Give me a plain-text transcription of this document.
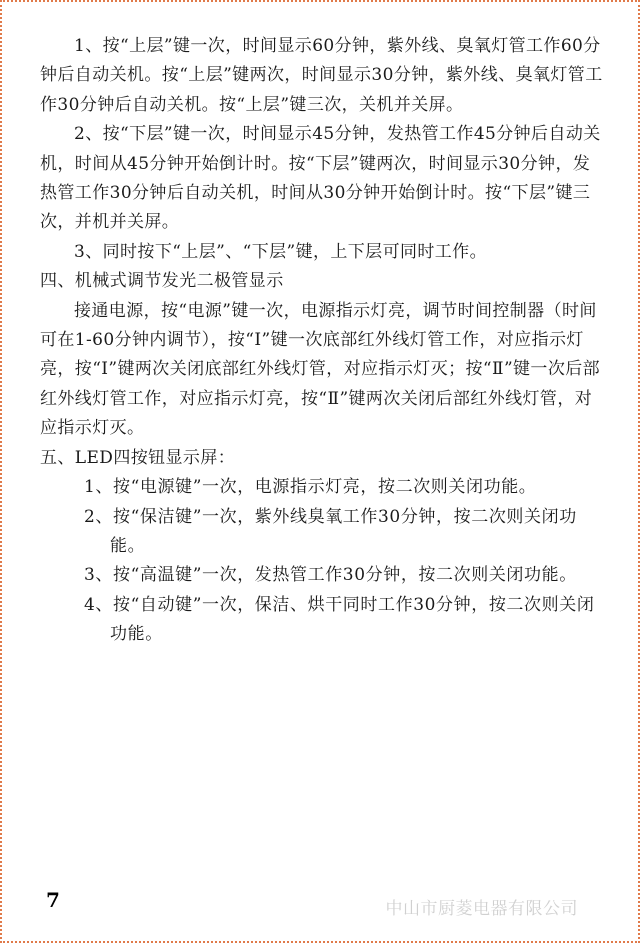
1、按“上层”键一次，时间显示60分钟，紫外线、臭氧灯管工作60分钟后自动关机。按“上层”键两次，时间显示30分钟，紫外线、臭氧灯管工作30分钟后自动关机。按“上层”键三次，关机并关屏。

2、按“下层”键一次，时间显示45分钟，发热管工作45分钟后自动关机，时间从45分钟开始倒计时。按“下层”键两次，时间显示30分钟，发热管工作30分钟后自动关机，时间从30分钟开始倒计时。按“下层”键三次，并机并关屏。

3、同时按下“上层”、“下层”键，上下层可同时工作。

四、机械式调节发光二极管显示

接通电源，按“电源”键一次，电源指示灯亮，调节时间控制器（时间可在1-60分钟内调节），按“Ⅰ”键一次底部红外线灯管工作，对应指示灯亮，按“Ⅰ”键两次关闭底部红外线灯管，对应指示灯灭；按“Ⅱ”键一次后部红外线灯管工作，对应指示灯亮，按“Ⅱ”键两次关闭后部红外线灯管，对应指示灯灭。

五、LED四按钮显示屏：

1、按“电源键”一次，电源指示灯亮，按二次则关闭功能。

2、按“保洁键”一次，紫外线臭氧工作30分钟，按二次则关闭功能。

3、按“高温键”一次，发热管工作30分钟，按二次则关闭功能。

4、按“自动键”一次，保洁、烘干同时工作30分钟，按二次则关闭功能。

7	中山市厨菱电器有限公司
